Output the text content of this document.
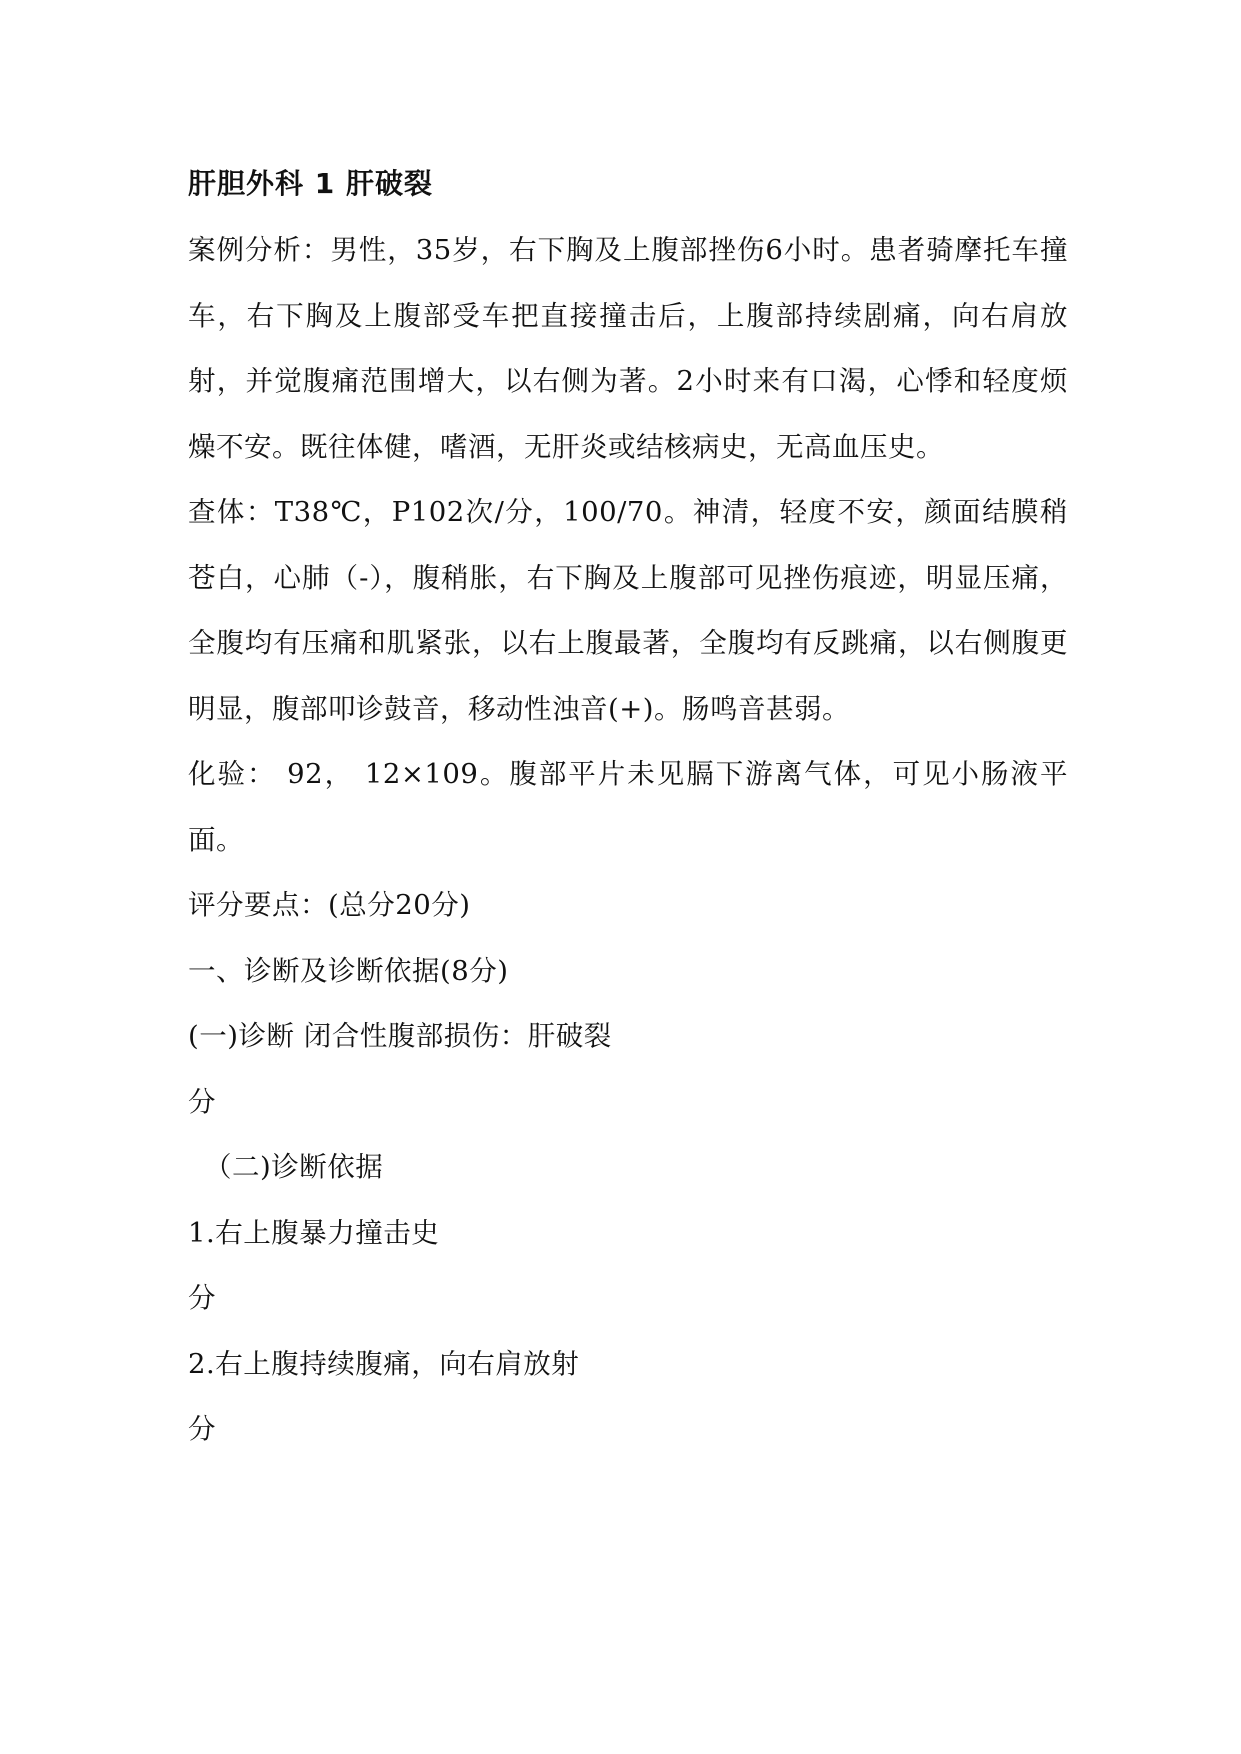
肝胆外科 1 肝破裂

案例分析：男性，35岁，右下胸及上腹部挫伤6小时。患者骑摩托车撞车，右下胸及上腹部受车把直接撞击后，上腹部持续剧痛，向右肩放射，并觉腹痛范围增大，以右侧为著。2小时来有口渴，心悸和轻度烦燥不安。既往体健，嗜酒，无肝炎或结核病史，无高血压史。

查体：T38℃，P102次/分，100/70。神清，轻度不安，颜面结膜稍苍白，心肺（-），腹稍胀，右下胸及上腹部可见挫伤痕迹，明显压痛，全腹均有压痛和肌紧张，以右上腹最著，全腹均有反跳痛，以右侧腹更明显，腹部叩诊鼓音，移动性浊音(+)。肠鸣音甚弱。

化验： 92， 12×109。腹部平片未见膈下游离气体，可见小肠液平面。

评分要点：(总分20分)

一、诊断及诊断依据(8分)

(一)诊断 闭合性腹部损伤：肝破裂

分

（二)诊断依据

1.右上腹暴力撞击史

分

2.右上腹持续腹痛，向右肩放射

分
